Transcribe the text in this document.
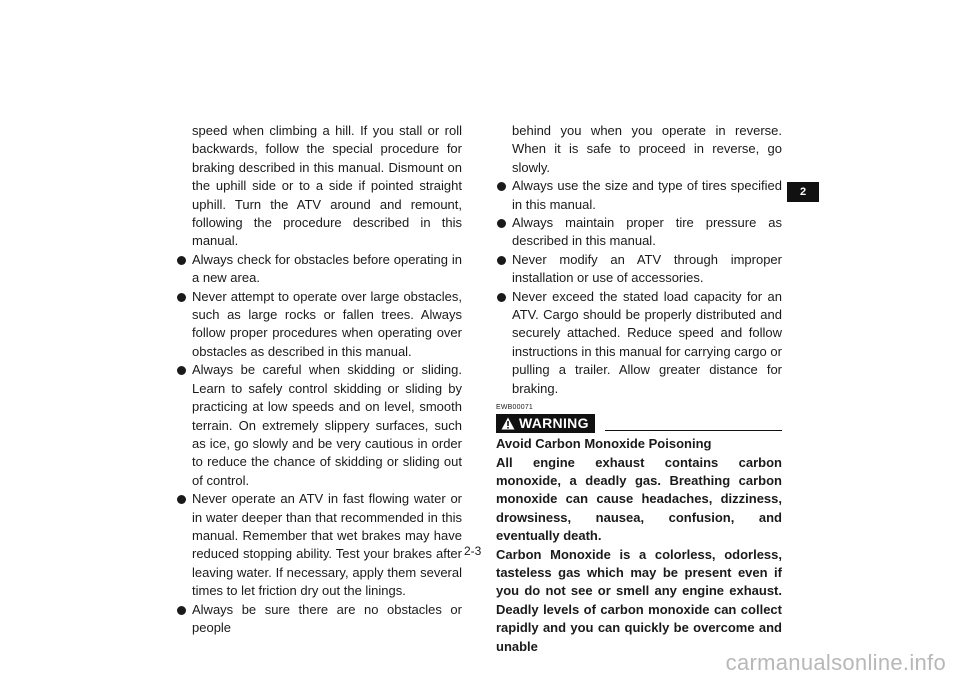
speed when climbing a hill. If you stall or roll backwards, follow the special procedure for braking described in this manual. Dismount on the uphill side or to a side if pointed straight uphill. Turn the ATV around and remount, following the procedure described in this manual.

Always check for obstacles before operating in a new area.
Never attempt to operate over large obstacles, such as large rocks or fallen trees. Always follow proper procedures when operating over obstacles as described in this manual.
Always be careful when skidding or sliding. Learn to safely control skidding or sliding by practicing at low speeds and on level, smooth terrain. On extremely slippery surfaces, such as ice, go slowly and be very cautious in order to reduce the chance of skidding or sliding out of control.
Never operate an ATV in fast flowing water or in water deeper than that recommended in this manual. Remember that wet brakes may have reduced stopping ability. Test your brakes after leaving water. If necessary, apply them several times to let friction dry out the linings.
Always be sure there are no obstacles or people

behind you when you operate in reverse. When it is safe to proceed in reverse, go slowly.

Always use the size and type of tires specified in this manual.
Always maintain proper tire pressure as described in this manual.
Never modify an ATV through improper installation or use of accessories.
Never exceed the stated load capacity for an ATV. Cargo should be properly distributed and securely attached. Reduce speed and follow instructions in this manual for carrying cargo or pulling a trailer. Allow greater distance for braking.
EWB00071
WARNING

Avoid Carbon Monoxide Poisoning

All engine exhaust contains carbon monoxide, a deadly gas. Breathing carbon monoxide can cause headaches, dizziness, drowsiness, nausea, confusion, and eventually death.

Carbon Monoxide is a colorless, odorless, tasteless gas which may be present even if you do not see or smell any engine exhaust. Deadly levels of carbon monoxide can collect rapidly and you can quickly be overcome and unable

2
2-3
carmanualsonline.info
